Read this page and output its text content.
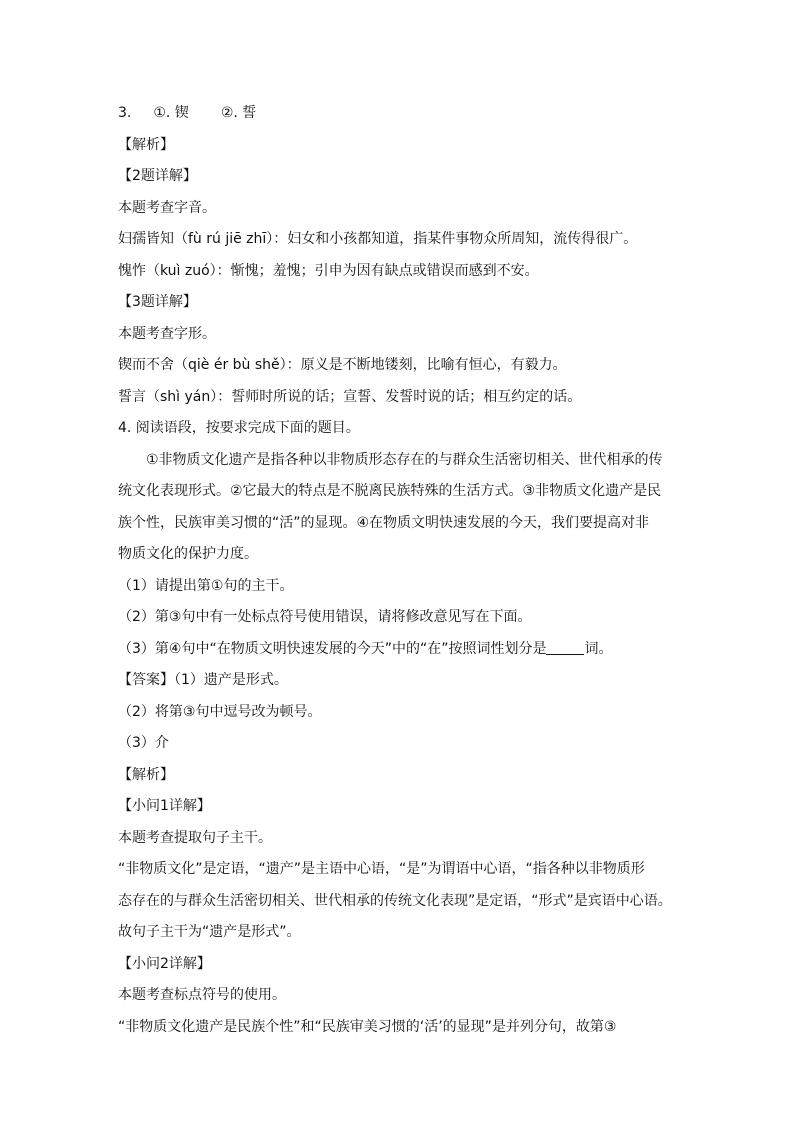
3. ①. 锲 ②. 誓
【解析】
【2题详解】
本题考查字音。
妇孺皆知（fù rú jiē zhī）：妇女和小孩都知道，指某件事物众所周知，流传得很广。
愧怍（kuì zuó）：惭愧；羞愧；引申为因有缺点或错误而感到不安。
【3题详解】
本题考查字形。
锲而不舍（qiè ér bù shě）：原义是不断地镂刻，比喻有恒心，有毅力。
誓言（shì yán）：誓师时所说的话；宣誓、发誓时说的话；相互约定的话。
4. 阅读语段，按要求完成下面的题目。
①非物质文化遗产是指各种以非物质形态存在的与群众生活密切相关、世代相承的传
统文化表现形式。②它最大的特点是不脱离民族特殊的生活方式。③非物质文化遗产是民
族个性，民族审美习惯的“活”的显现。④在物质文明快速发展的今天，我们要提高对非
物质文化的保护力度。
（1）请提出第①句的主干。
（2）第③句中有一处标点符号使用错误，请将修改意见写在下面。
（3）第④句中“在物质文明快速发展的今天”中的“在”按照词性划分是	词。
【答案】（1）遗产是形式。
（2）将第③句中逗号改为顿号。
（3）介
【解析】
【小问1详解】
本题考查提取句子主干。
“非物质文化”是定语，“遗产”是主语中心语，“是”为谓语中心语，“指各种以非物质形
态存在的与群众生活密切相关、世代相承的传统文化表现”是定语，“形式”是宾语中心语。
故句子主干为“遗产是形式”。
【小问2详解】
本题考查标点符号的使用。
“非物质文化遗产是民族个性”和“民族审美习惯的‘活’的显现”是并列分句，故第③
